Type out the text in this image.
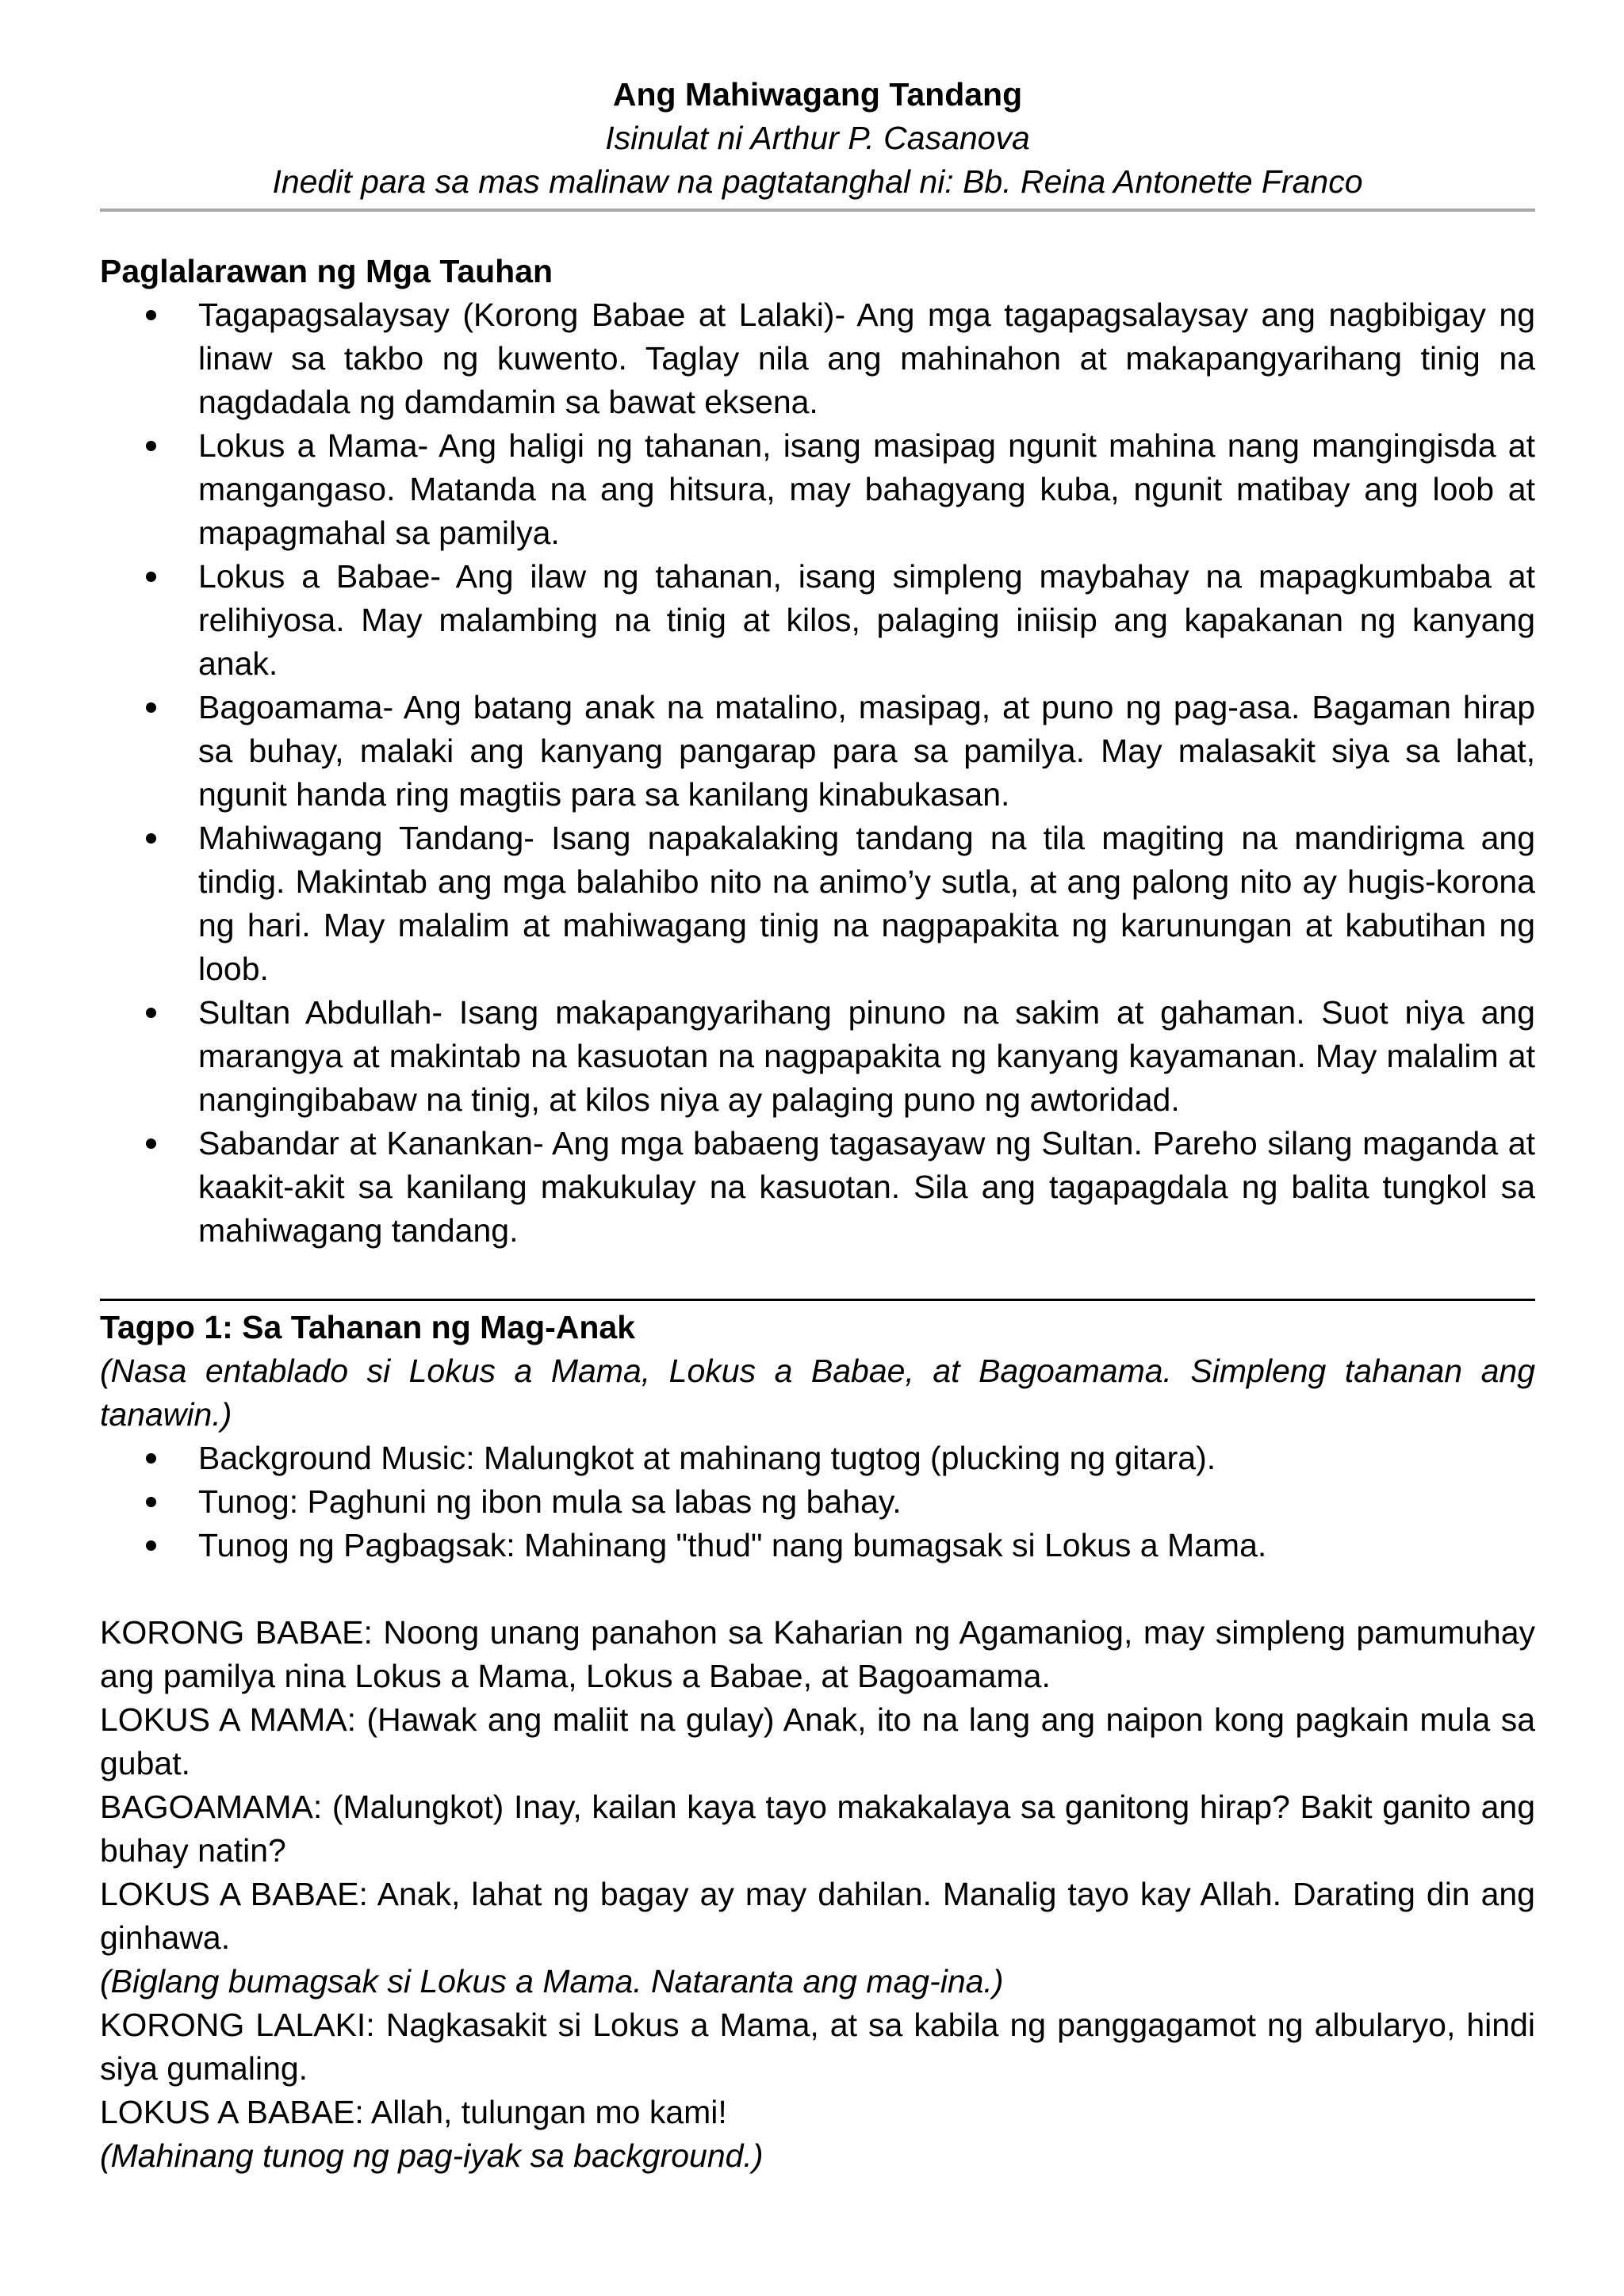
Ang Mahiwagang Tandang

Isinulat ni Arthur P. Casanova

Inedit para sa mas malinaw na pagtatanghal ni: Bb. Reina Antonette Franco

Paglalarawan ng Mga Tauhan

Tagapagsalaysay (Korong Babae at Lalaki)- Ang mga tagapagsalaysay ang nagbibigay ng linaw sa takbo ng kuwento. Taglay nila ang mahinahon at makapangyarihang tinig na nagdadala ng damdamin sa bawat eksena.
Lokus a Mama- Ang haligi ng tahanan, isang masipag ngunit mahina nang mangingisda at mangangaso. Matanda na ang hitsura, may bahagyang kuba, ngunit matibay ang loob at mapagmahal sa pamilya.
Lokus a Babae- Ang ilaw ng tahanan, isang simpleng maybahay na mapagkumbaba at relihiyosa. May malambing na tinig at kilos, palaging iniisip ang kapakanan ng kanyang anak.
Bagoamama- Ang batang anak na matalino, masipag, at puno ng pag-asa. Bagaman hirap sa buhay, malaki ang kanyang pangarap para sa pamilya. May malasakit siya sa lahat, ngunit handa ring magtiis para sa kanilang kinabukasan.
Mahiwagang Tandang- Isang napakalaking tandang na tila magiting na mandirigma ang tindig. Makintab ang mga balahibo nito na animo’y sutla, at ang palong nito ay hugis-korona ng hari. May malalim at mahiwagang tinig na nagpapakita ng karunungan at kabutihan ng loob.
Sultan Abdullah- Isang makapangyarihang pinuno na sakim at gahaman. Suot niya ang marangya at makintab na kasuotan na nagpapakita ng kanyang kayamanan. May malalim at nangingibabaw na tinig, at kilos niya ay palaging puno ng awtoridad.
Sabandar at Kanankan- Ang mga babaeng tagasayaw ng Sultan. Pareho silang maganda at kaakit-akit sa kanilang makukulay na kasuotan. Sila ang tagapagdala ng balita tungkol sa mahiwagang tandang.

Tagpo 1: Sa Tahanan ng Mag-Anak

(Nasa entablado si Lokus a Mama, Lokus a Babae, at Bagoamama. Simpleng tahanan ang tanawin.)

Background Music: Malungkot at mahinang tugtog (plucking ng gitara).
Tunog: Paghuni ng ibon mula sa labas ng bahay.
Tunog ng Pagbagsak: Mahinang "thud" nang bumagsak si Lokus a Mama.

KORONG BABAE: Noong unang panahon sa Kaharian ng Agamaniog, may simpleng pamumuhay ang pamilya nina Lokus a Mama, Lokus a Babae, at Bagoamama.

LOKUS A MAMA: (Hawak ang maliit na gulay) Anak, ito na lang ang naipon kong pagkain mula sa gubat.

BAGOAMAMA: (Malungkot) Inay, kailan kaya tayo makakalaya sa ganitong hirap? Bakit ganito ang buhay natin?

LOKUS A BABAE: Anak, lahat ng bagay ay may dahilan. Manalig tayo kay Allah. Darating din ang ginhawa.

(Biglang bumagsak si Lokus a Mama. Nataranta ang mag-ina.)

KORONG LALAKI: Nagkasakit si Lokus a Mama, at sa kabila ng panggagamot ng albularyo, hindi siya gumaling.

LOKUS A BABAE: Allah, tulungan mo kami!

(Mahinang tunog ng pag-iyak sa background.)
